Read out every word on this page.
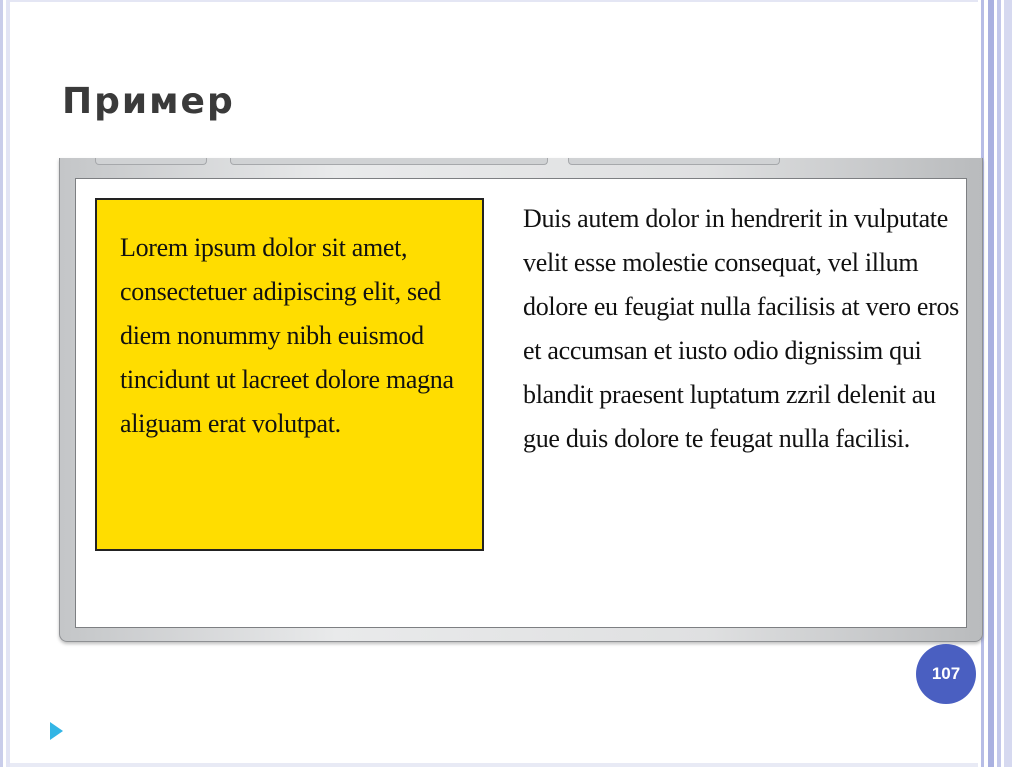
Пример

Lorem ipsum dolor sit amet, consectetuer adipiscing elit, sed diem nonummy nibh euismod tincidunt ut lacreet dolore magna aliguam erat volutpat.

Duis autem dolor in hendrerit in vulputate velit esse molestie consequat, vel illum dolore eu feugiat nulla facilisis at vero eros et accumsan et iusto odio dignissim qui blandit praesent luptatum zzril delenit au gue duis dolore te feugat nulla facilisi.

107
